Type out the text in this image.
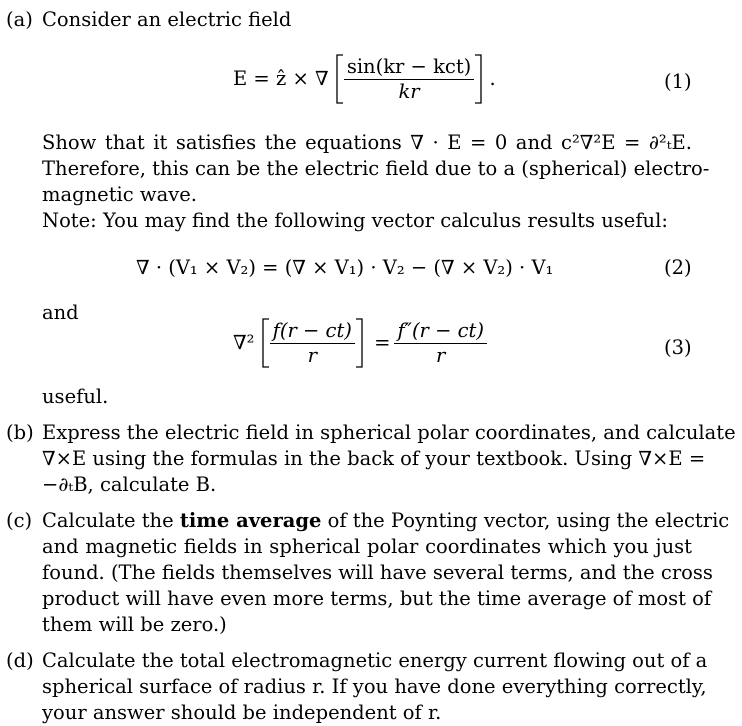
(a) Consider an electric field
E = ẑ × ∇ $\frac{\text{sin(kr − kct)}}{kr}$ .	(1)
Show that it satisfies the equations ∇ · E = 0 and c²∇²E = ∂²ₜE.
Therefore, this can be the electric field due to a (spherical) electro-
magnetic wave.
Note: You may find the following vector calculus results useful:
∇ · (V₁ × V₂) = (∇ × V₁) · V₂ − (∇ × V₂) · V₁	(2)
and
$\nabla^2 \frac{f(r - ct)}{r} = \frac{f''(r - ct)}{r}$	(3)
useful.
(b) Express the electric field in spherical polar coordinates, and calculate
∇×E using the formulas in the back of your textbook. Using ∇×E =
−∂ₜB, calculate B.
(c) Calculate the time average of the Poynting vector, using the electric
and magnetic fields in spherical polar coordinates which you just
found. (The fields themselves will have several terms, and the cross
product will have even more terms, but the time average of most of
them will be zero.)
(d) Calculate the total electromagnetic energy current flowing out of a
spherical surface of radius r. If you have done everything correctly,
your answer should be independent of r.
